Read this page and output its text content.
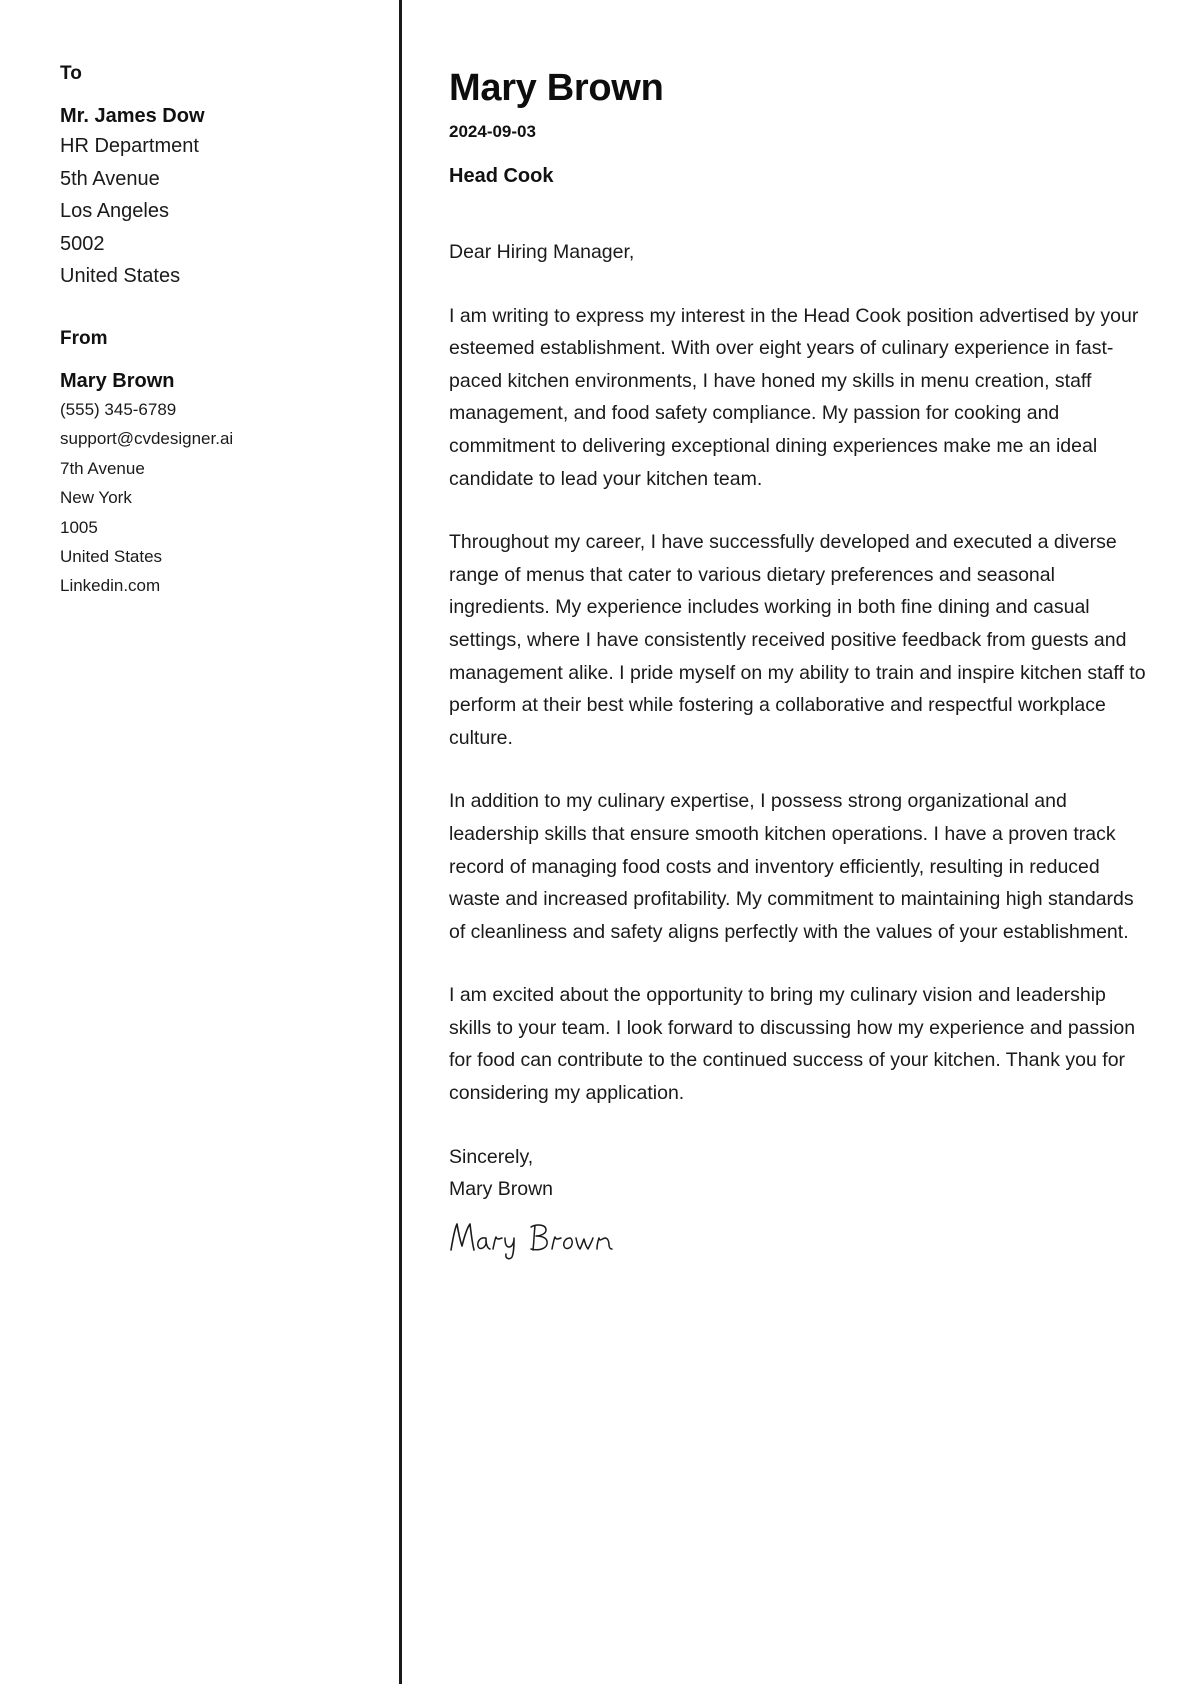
To
Mr. James Dow
HR Department
5th Avenue
Los Angeles
5002
United States
From
Mary Brown
(555) 345-6789
support@cvdesigner.ai
7th Avenue
New York
1005
United States
Linkedin.com
Mary Brown
2024-09-03
Head Cook
Dear Hiring Manager,

I am writing to express my interest in the Head Cook position advertised by your esteemed establishment. With over eight years of culinary experience in fast-paced kitchen environments, I have honed my skills in menu creation, staff management, and food safety compliance. My passion for cooking and commitment to delivering exceptional dining experiences make me an ideal candidate to lead your kitchen team.

Throughout my career, I have successfully developed and executed a diverse range of menus that cater to various dietary preferences and seasonal ingredients. My experience includes working in both fine dining and casual settings, where I have consistently received positive feedback from guests and management alike. I pride myself on my ability to train and inspire kitchen staff to perform at their best while fostering a collaborative and respectful workplace culture.

In addition to my culinary expertise, I possess strong organizational and leadership skills that ensure smooth kitchen operations. I have a proven track record of managing food costs and inventory efficiently, resulting in reduced waste and increased profitability. My commitment to maintaining high standards of cleanliness and safety aligns perfectly with the values of your establishment.

I am excited about the opportunity to bring my culinary vision and leadership skills to your team. I look forward to discussing how my experience and passion for food can contribute to the continued success of your kitchen. Thank you for considering my application.

Sincerely,
Mary Brown
